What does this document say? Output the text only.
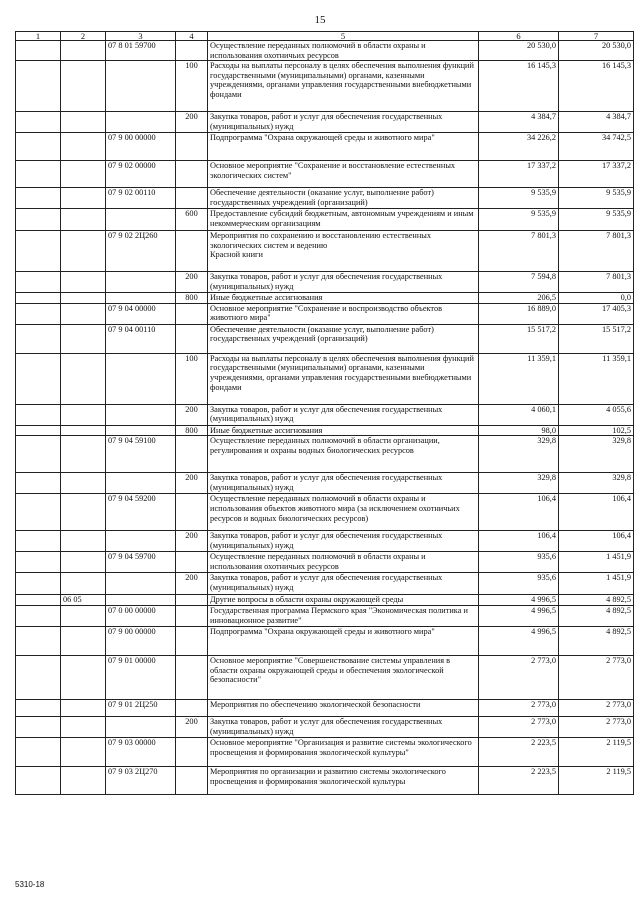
15
1	2	3	4	5	6	7
		07 8 01 59700		Осуществление переданных полномочий в области охраны и использования охотничьих ресурсов	20 530,0	20 530,0
			100	Расходы на выплаты персоналу в целях обеспечения выполнения функций государственными (муниципальными) органами, казенными учреждениями, органами управления государственными внебюджетными фондами	16 145,3	16 145,3
			200	Закупка товаров, работ и услуг для обеспечения государственных (муниципальных) нужд	4 384,7	4 384,7
		07 9 00 00000		Подпрограмма "Охрана окружающей среды и животного мира"	34 226,2	34 742,5
		07 9 02 00000		Основное мероприятие "Сохранение и восстановление естественных экологических систем"	17 337,2	17 337,2
		07 9 02 00110		Обеспечение деятельности (оказание услуг, выполнение работ) государственных учреждений (организаций)	9 535,9	9 535,9
			600	Предоставление субсидий бюджетным, автономным учреждениям и иным некоммерческим организациям	9 535,9	9 535,9
		07 9 02 2Ц260		Мероприятия по сохранению и восстановлению естественных экологических систем и ведению
Красной книги	7 801,3	7 801,3
			200	Закупка товаров, работ и услуг для обеспечения государственных (муниципальных) нужд	7 594,8	7 801,3
			800	Иные бюджетные ассигнования	206,5	0,0
		07 9 04 00000		Основное мероприятие "Сохранение и воспроизводство объектов животного мира"	16 889,0	17 405,3
		07 9 04 00110		Обеспечение деятельности (оказание услуг, выполнение работ) государственных учреждений (организаций)	15 517,2	15 517,2
			100	Расходы на выплаты персоналу в целях обеспечения выполнения функций государственными (муниципальными) органами, казенными учреждениями, органами управления государственными внебюджетными фондами	11 359,1	11 359,1
			200	Закупка товаров, работ и услуг для обеспечения государственных (муниципальных) нужд	4 060,1	4 055,6
			800	Иные бюджетные ассигнования	98,0	102,5
		07 9 04 59100		Осуществление переданных полномочий в области организации, регулирования и охраны водных биологических ресурсов	329,8	329,8
			200	Закупка товаров, работ и услуг для обеспечения государственных (муниципальных) нужд	329,8	329,8
		07 9 04 59200		Осуществление переданных полномочий в области охраны и использования объектов животного мира (за исключением охотничьих ресурсов и водных биологических ресурсов)	106,4	106,4
			200	Закупка товаров, работ и услуг для обеспечения государственных (муниципальных) нужд	106,4	106,4
		07 9 04 59700		Осуществление переданных полномочий в области охраны и использования охотничьих ресурсов	935,6	1 451,9
			200	Закупка товаров, работ и услуг для обеспечения государственных (муниципальных) нужд	935,6	1 451,9
	06 05			Другие вопросы в области охраны окружающей среды	4 996,5	4 892,5
		07 0 00 00000		Государственная программа Пермского края "Экономическая политика и инновационное развитие"	4 996,5	4 892,5
		07 9 00 00000		Подпрограмма "Охрана окружающей среды и животного мира"	4 996,5	4 892,5
		07 9 01 00000		Основное мероприятие "Совершенствование системы управления в области охраны окружающей среды и обеспечения экологической безопасности"	2 773,0	2 773,0
		07 9 01 2Ц250		Мероприятия по обеспечению экологической безопасности	2 773,0	2 773,0
			200	Закупка товаров, работ и услуг для обеспечения государственных (муниципальных) нужд	2 773,0	2 773,0
		07 9 03 00000		Основное мероприятие "Организация и развитие системы экологического просвещения и формирования экологической культуры"	2 223,5	2 119,5
		07 9 03 2Ц270		Мероприятия по организации и развитию системы экологического просвещения и формирования экологической культуры	2 223,5	2 119,5
5310-18
